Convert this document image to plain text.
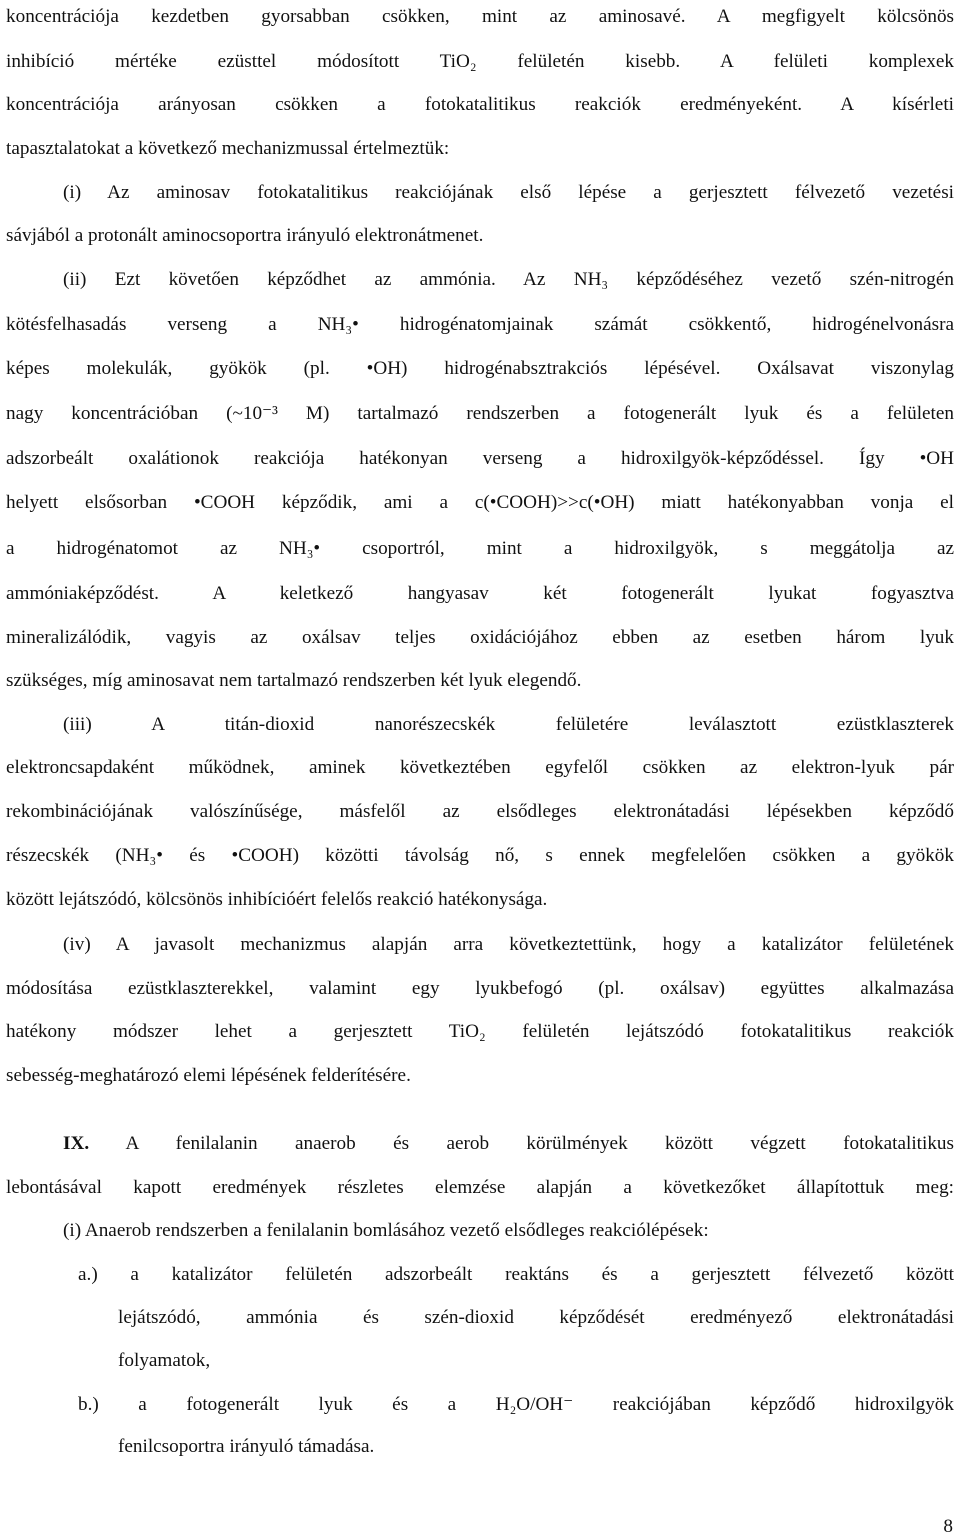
koncentrációja kezdetben gyorsabban csökken, mint az aminosavé. A megfigyelt kölcsönös
inhibíció mértéke ezüsttel módosított TiO₂ felületén kisebb. A felületi komplexek
koncentrációja arányosan csökken a fotokatalitikus reakciók eredményeként. A kísérleti
tapasztalatokat a következő mechanizmussal értelmeztük:
(i) Az aminosav fotokatalitikus reakciójának első lépése a gerjesztett félvezető vezetési
sávjából a protonált aminocsoportra irányuló elektronátmenet.
(ii) Ezt követően képződhet az ammónia. Az NH₃ képződéséhez vezető szén-nitrogén
kötésfelhasadás verseng a NH₃• hidrogénatomjainak számát csökkentő, hidrogénelvonásra
képes molekulák, gyökök (pl. •OH) hidrogénabsztrakciós lépésével. Oxálsavat viszonylag
nagy koncentrációban (~10⁻³ M) tartalmazó rendszerben a fotogenerált lyuk és a felületen
adszorbeált oxalátionok reakciója hatékonyan verseng a hidroxilgyök-képződéssel. Így •OH
helyett elsősorban •COOH képződik, ami a c(•COOH)>>c(•OH) miatt hatékonyabban vonja el
a hidrogénatomot az NH₃• csoportról, mint a hidroxilgyök, s meggátolja az
ammóniaképződést. A keletkező hangyasav két fotogenerált lyukat fogyasztva
mineralizálódik, vagyis az oxálsav teljes oxidációjához ebben az esetben három lyuk
szükséges, míg aminosavat nem tartalmazó rendszerben két lyuk elegendő.
(iii) A titán-dioxid nanorészecskék felületére leválasztott ezüstklaszterek
elektroncsapdaként működnek, aminek következtében egyfelől csökken az elektron-lyuk pár
rekombinációjának valószínűsége, másfelől az elsődleges elektronátadási lépésekben képződő
részecskék (NH₃• és •COOH) közötti távolság nő, s ennek megfelelően csökken a gyökök
között lejátszódó, kölcsönös inhibícióért felelős reakció hatékonysága.
(iv) A javasolt mechanizmus alapján arra következtettünk, hogy a katalizátor felületének
módosítása ezüstklaszterekkel, valamint egy lyukbefogó (pl. oxálsav) együttes alkalmazása
hatékony módszer lehet a gerjesztett TiO₂ felületén lejátszódó fotokatalitikus reakciók
sebesség-meghatározó elemi lépésének felderítésére.
IX. A fenilalanin anaerob és aerob körülmények között végzett fotokatalitikus
lebontásával kapott eredmények részletes elemzése alapján a következőket állapítottuk meg:
(i) Anaerob rendszerben a fenilalanin bomlásához vezető elsődleges reakciólépések:
a.) a katalizátor felületén adszorbeált reaktáns és a gerjesztett félvezető között
lejátszódó, ammónia és szén-dioxid képződését eredményező elektronátadási
folyamatok,
b.) a fotogenerált lyuk és a H₂O/OH⁻ reakciójában képződő hidroxilgyök
fenilcsoportra irányuló támadása.
8
